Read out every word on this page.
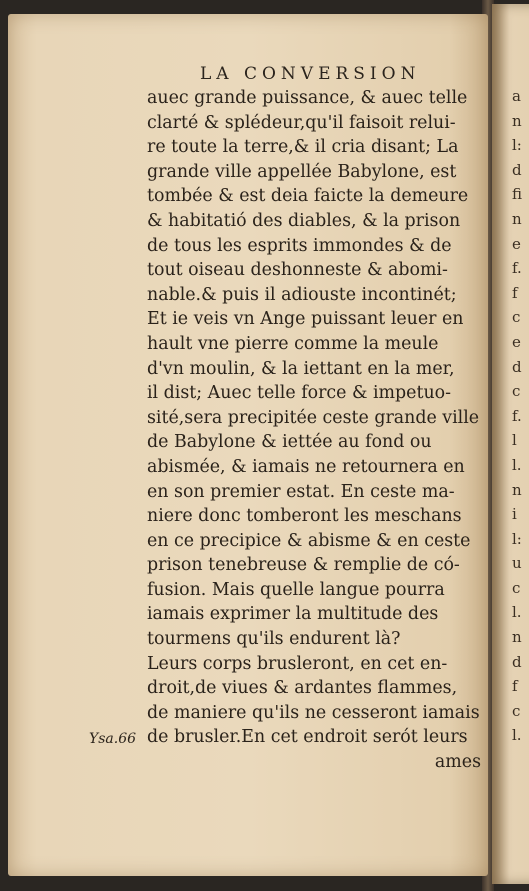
LA CONVERSION
Ysa.66
auec grande puissance, & auec telle
clarté & splédeur,qu'il faisoit relui-
re toute la terre,& il cria disant; La
grande ville appellée Babylone, est
tombée & est deia faicte la demeure
& habitatió des diables, & la prison
de tous les esprits immondes & de
tout oiseau deshonneste & abomi-
nable.& puis il adiouste incontinét;
Et ie veis vn Ange puissant leuer en
hault vne pierre comme la meule
d'vn moulin, & la iettant en la mer,
il dist; Auec telle force & impetuo-
sité,sera precipitée ceste grande ville
de Babylone & iettée au fond ou
abismée, & iamais ne retournera en
en son premier estat. En ceste ma-
niere donc tomberont les meschans
en ce precipice & abisme & en ceste
prison tenebreuse & remplie de có-
fusion. Mais quelle langue pourra
iamais exprimer la multitude des
tourmens qu'ils endurent là?
Leurs corps brusleront, en cet en-
droit,de viues & ardantes flammes,
de maniere qu'ils ne cesseront iamais
de brusler.En cet endroit serót leurs
ames
a
n
l:
d
fi
n
e
f.
f
c
e
d
c
f.
l
l.
n
i
l:
u
c
l.
n
d
f
c
l.
